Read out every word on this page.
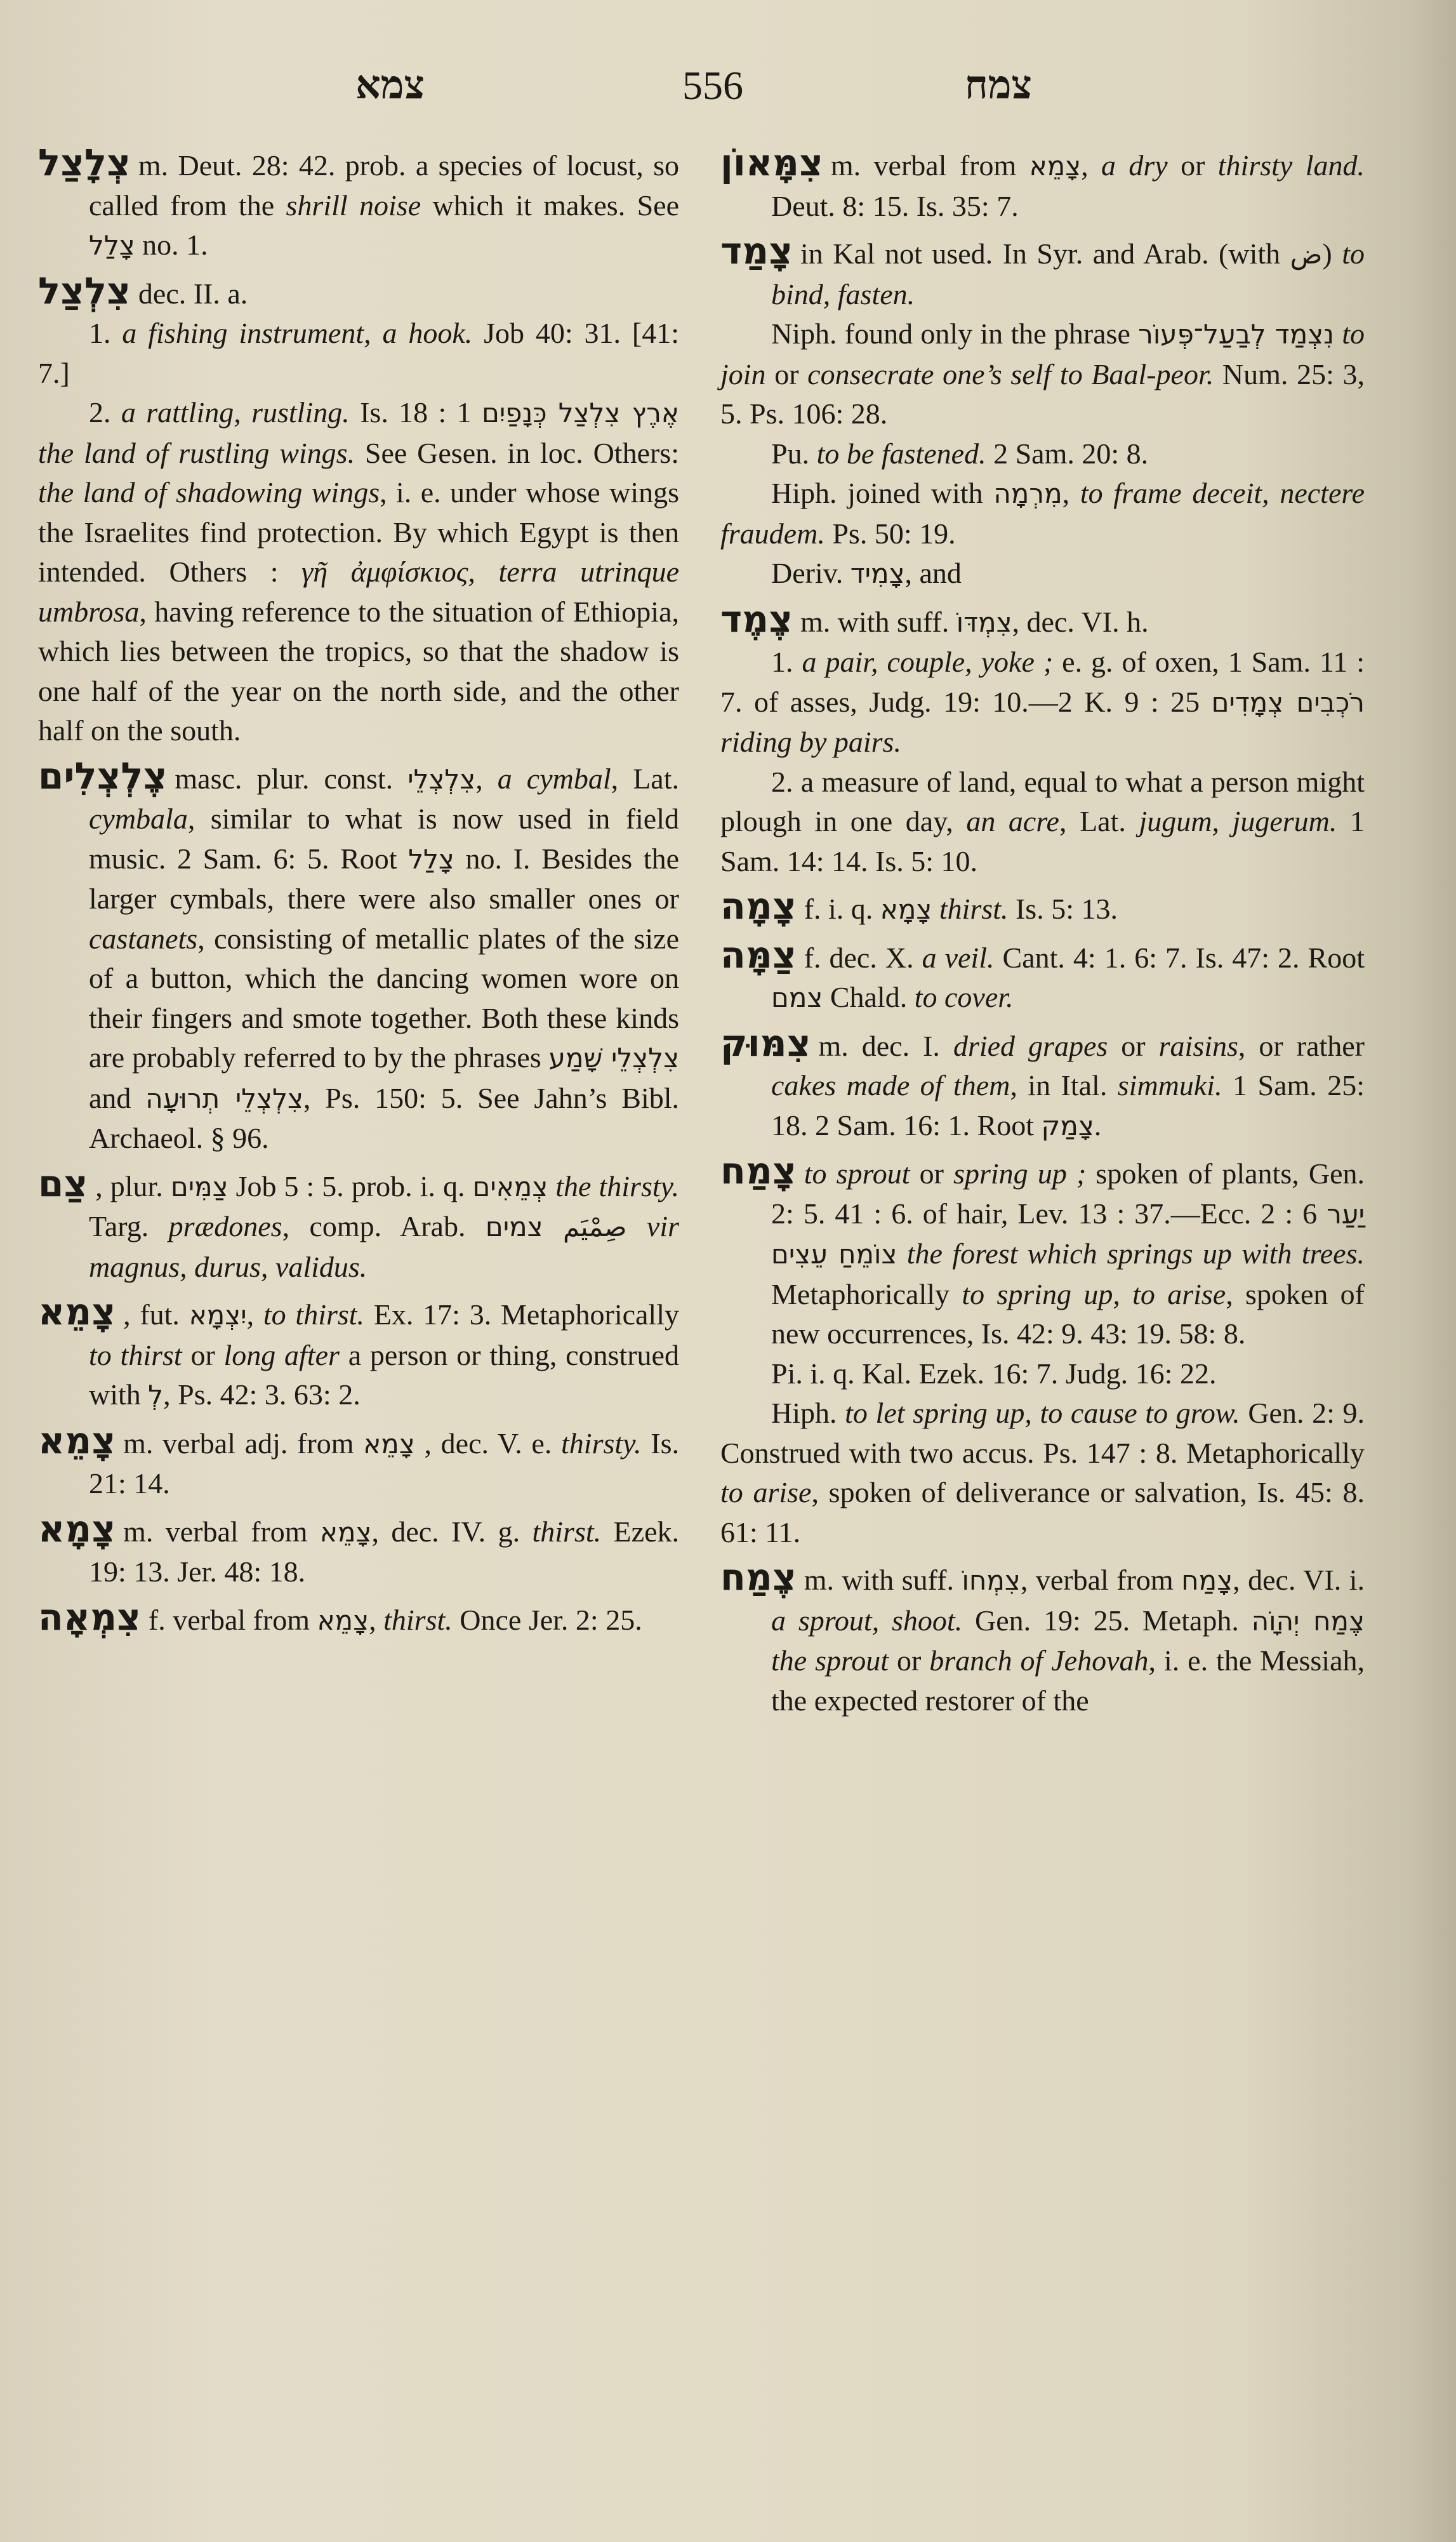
צמא	556	צמח

צְלָצַל m. Deut. 28: 42. prob. a species of locust, so called from the shrill noise which it makes. See צָלַל no. 1.

צִלְצַל dec. II. a.

1. a fishing instrument, a hook. Job 40: 31. [41: 7.]

2. a rattling, rustling. Is. 18 : 1 אֶרֶץ צִלְצַל כְּנָפַיִם the land of rustling wings. See Gesen. in loc. Others: the land of shadowing wings, i. e. under whose wings the Israelites find protection. By which Egypt is then intended. Others : γῆ ἀμφίσκιος, terra utrinque umbrosa, having reference to the situation of Ethiopia, which lies between the tropics, so that the shadow is one half of the year on the north side, and the other half on the south.

צֶלְצְלִים masc. plur. const. צִלְצְלֵי, a cymbal, Lat. cymbala, similar to what is now used in field music. 2 Sam. 6: 5. Root צָלַל no. I. Besides the larger cymbals, there were also smaller ones or castanets, consisting of metallic plates of the size of a button, which the dancing women wore on their fingers and smote together. Both these kinds are probably referred to by the phrases צִלְצְלֵי שָׁמַע and צִלְצְלֵי תְרוּעָה, Ps. 150: 5. See Jahn’s Bibl. Archaeol. § 96.

צַם , plur. צַמִּים Job 5 : 5. prob. i. q. צְמֵאִים the thirsty. Targ. prædones, comp. Arab. צמים صِمْيَم vir magnus, durus, validus.

צָמֵא , fut. יִצְמָא, to thirst. Ex. 17: 3. Metaphorically to thirst or long after a person or thing, construed with לְ, Ps. 42: 3. 63: 2.

צָמֵא m. verbal adj. from צָמֵא , dec. V. e. thirsty. Is. 21: 14.

צָמָא m. verbal from צָמֵא, dec. IV. g. thirst. Ezek. 19: 13. Jer. 48: 18.

צִמְאָה f. verbal from צָמֵא, thirst. Once Jer. 2: 25.

צִמָּאוֹן m. verbal from צָמֵא, a dry or thirsty land. Deut. 8: 15. Is. 35: 7.

צָמַד in Kal not used. In Syr. and Arab. (with ض) to bind, fasten.

Niph. found only in the phrase נִצְמַד לְבַעַל־פְּעוֹר to join or consecrate one’s self to Baal-peor. Num. 25: 3, 5. Ps. 106: 28.

Pu. to be fastened. 2 Sam. 20: 8.

Hiph. joined with מִרְמָה, to frame deceit, nectere fraudem. Ps. 50: 19.

Deriv. צָמִיד, and

צֶמֶד m. with suff. צִמְדּוֹ, dec. VI. h.

1. a pair, couple, yoke ; e. g. of oxen, 1 Sam. 11 : 7. of asses, Judg. 19: 10.—2 K. 9 : 25 רֹכְבִים צְמָדִים riding by pairs.

2. a measure of land, equal to what a person might plough in one day, an acre, Lat. jugum, jugerum. 1 Sam. 14: 14. Is. 5: 10.

צָמָה f. i. q. צָמָא thirst. Is. 5: 13.

צַמָּה f. dec. X. a veil. Cant. 4: 1. 6: 7. Is. 47: 2. Root צמם Chald. to cover.

צִמּוּק m. dec. I. dried grapes or raisins, or rather cakes made of them, in Ital. simmuki. 1 Sam. 25: 18. 2 Sam. 16: 1. Root צָמַק.

צָמַח to sprout or spring up ; spoken of plants, Gen. 2: 5. 41 : 6. of hair, Lev. 13 : 37.—Ecc. 2 : 6 יַעַר צוֹמֵחַ עֵצִים the forest which springs up with trees. Metaphorically to spring up, to arise, spoken of new occurrences, Is. 42: 9. 43: 19. 58: 8.

Pi. i. q. Kal. Ezek. 16: 7. Judg. 16: 22.

Hiph. to let spring up, to cause to grow. Gen. 2: 9. Construed with two accus. Ps. 147 : 8. Metaphorically to arise, spoken of deliverance or salvation, Is. 45: 8. 61: 11.

צֶמַח m. with suff. צִמְחוֹ, verbal from צָמַח, dec. VI. i. a sprout, shoot. Gen. 19: 25. Metaph. צֶמַח יְהוָֹה the sprout or branch of Jehovah, i. e. the Messiah, the expected restorer of the
